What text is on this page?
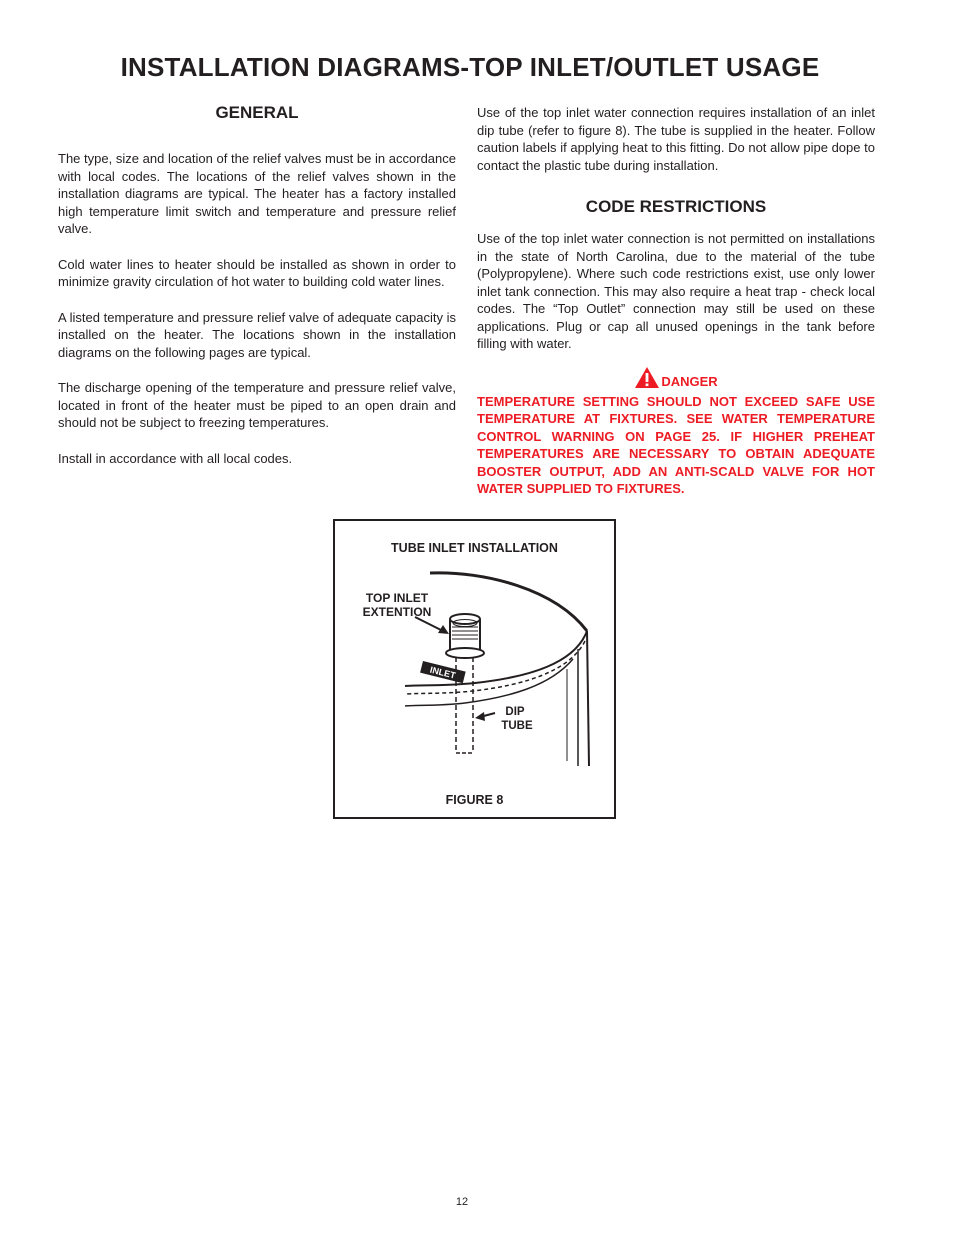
INSTALLATION DIAGRAMS-TOP INLET/OUTLET USAGE
GENERAL

The type, size and location of the relief valves must be in accordance with local codes. The locations of the relief valves shown in the installation diagrams are typical. The heater has a factory installed high temperature limit switch and temperature and pressure relief valve.

Cold water lines to heater should be installed as shown in order to minimize gravity circulation of hot water to building cold water lines.

A listed temperature and pressure relief valve of adequate capacity is installed on the heater. The locations shown in the installation diagrams on the following pages are typical.

The discharge opening of the temperature and pressure relief valve, located in front of the heater must be piped to an open drain and should not be subject to freezing temperatures.

Install in accordance with all local codes.

Use of the top inlet water connection requires installation of an inlet dip tube (refer to figure 8). The tube is supplied in the heater. Follow caution labels if applying heat to this fitting. Do not allow pipe dope to contact the plastic tube during installation.

CODE RESTRICTIONS

Use of the top inlet water connection is not permitted on installations in the state of North Carolina, due to the material of the tube (Polypropylene). Where such code restrictions exist, use only lower inlet tank connection. This may also require a heat trap - check local codes. The “Top Outlet” connection may still be used on these applications. Plug or cap all unused openings in the tank before filling with water.

DANGER

TEMPERATURE SETTING SHOULD NOT EXCEED SAFE USE TEMPERATURE AT FIXTURES. SEE WATER TEMPERATURE CONTROL WARNING ON PAGE 25. IF HIGHER PREHEAT TEMPERATURES ARE NECESSARY TO OBTAIN ADEQUATE BOOSTER OUTPUT, ADD AN ANTI-SCALD VALVE FOR HOT WATER SUPPLIED TO FIXTURES.

TUBE INLET INSTALLATION
INLET
TOP INLET
EXTENTION
DIP
TUBE
FIGURE 8
12
